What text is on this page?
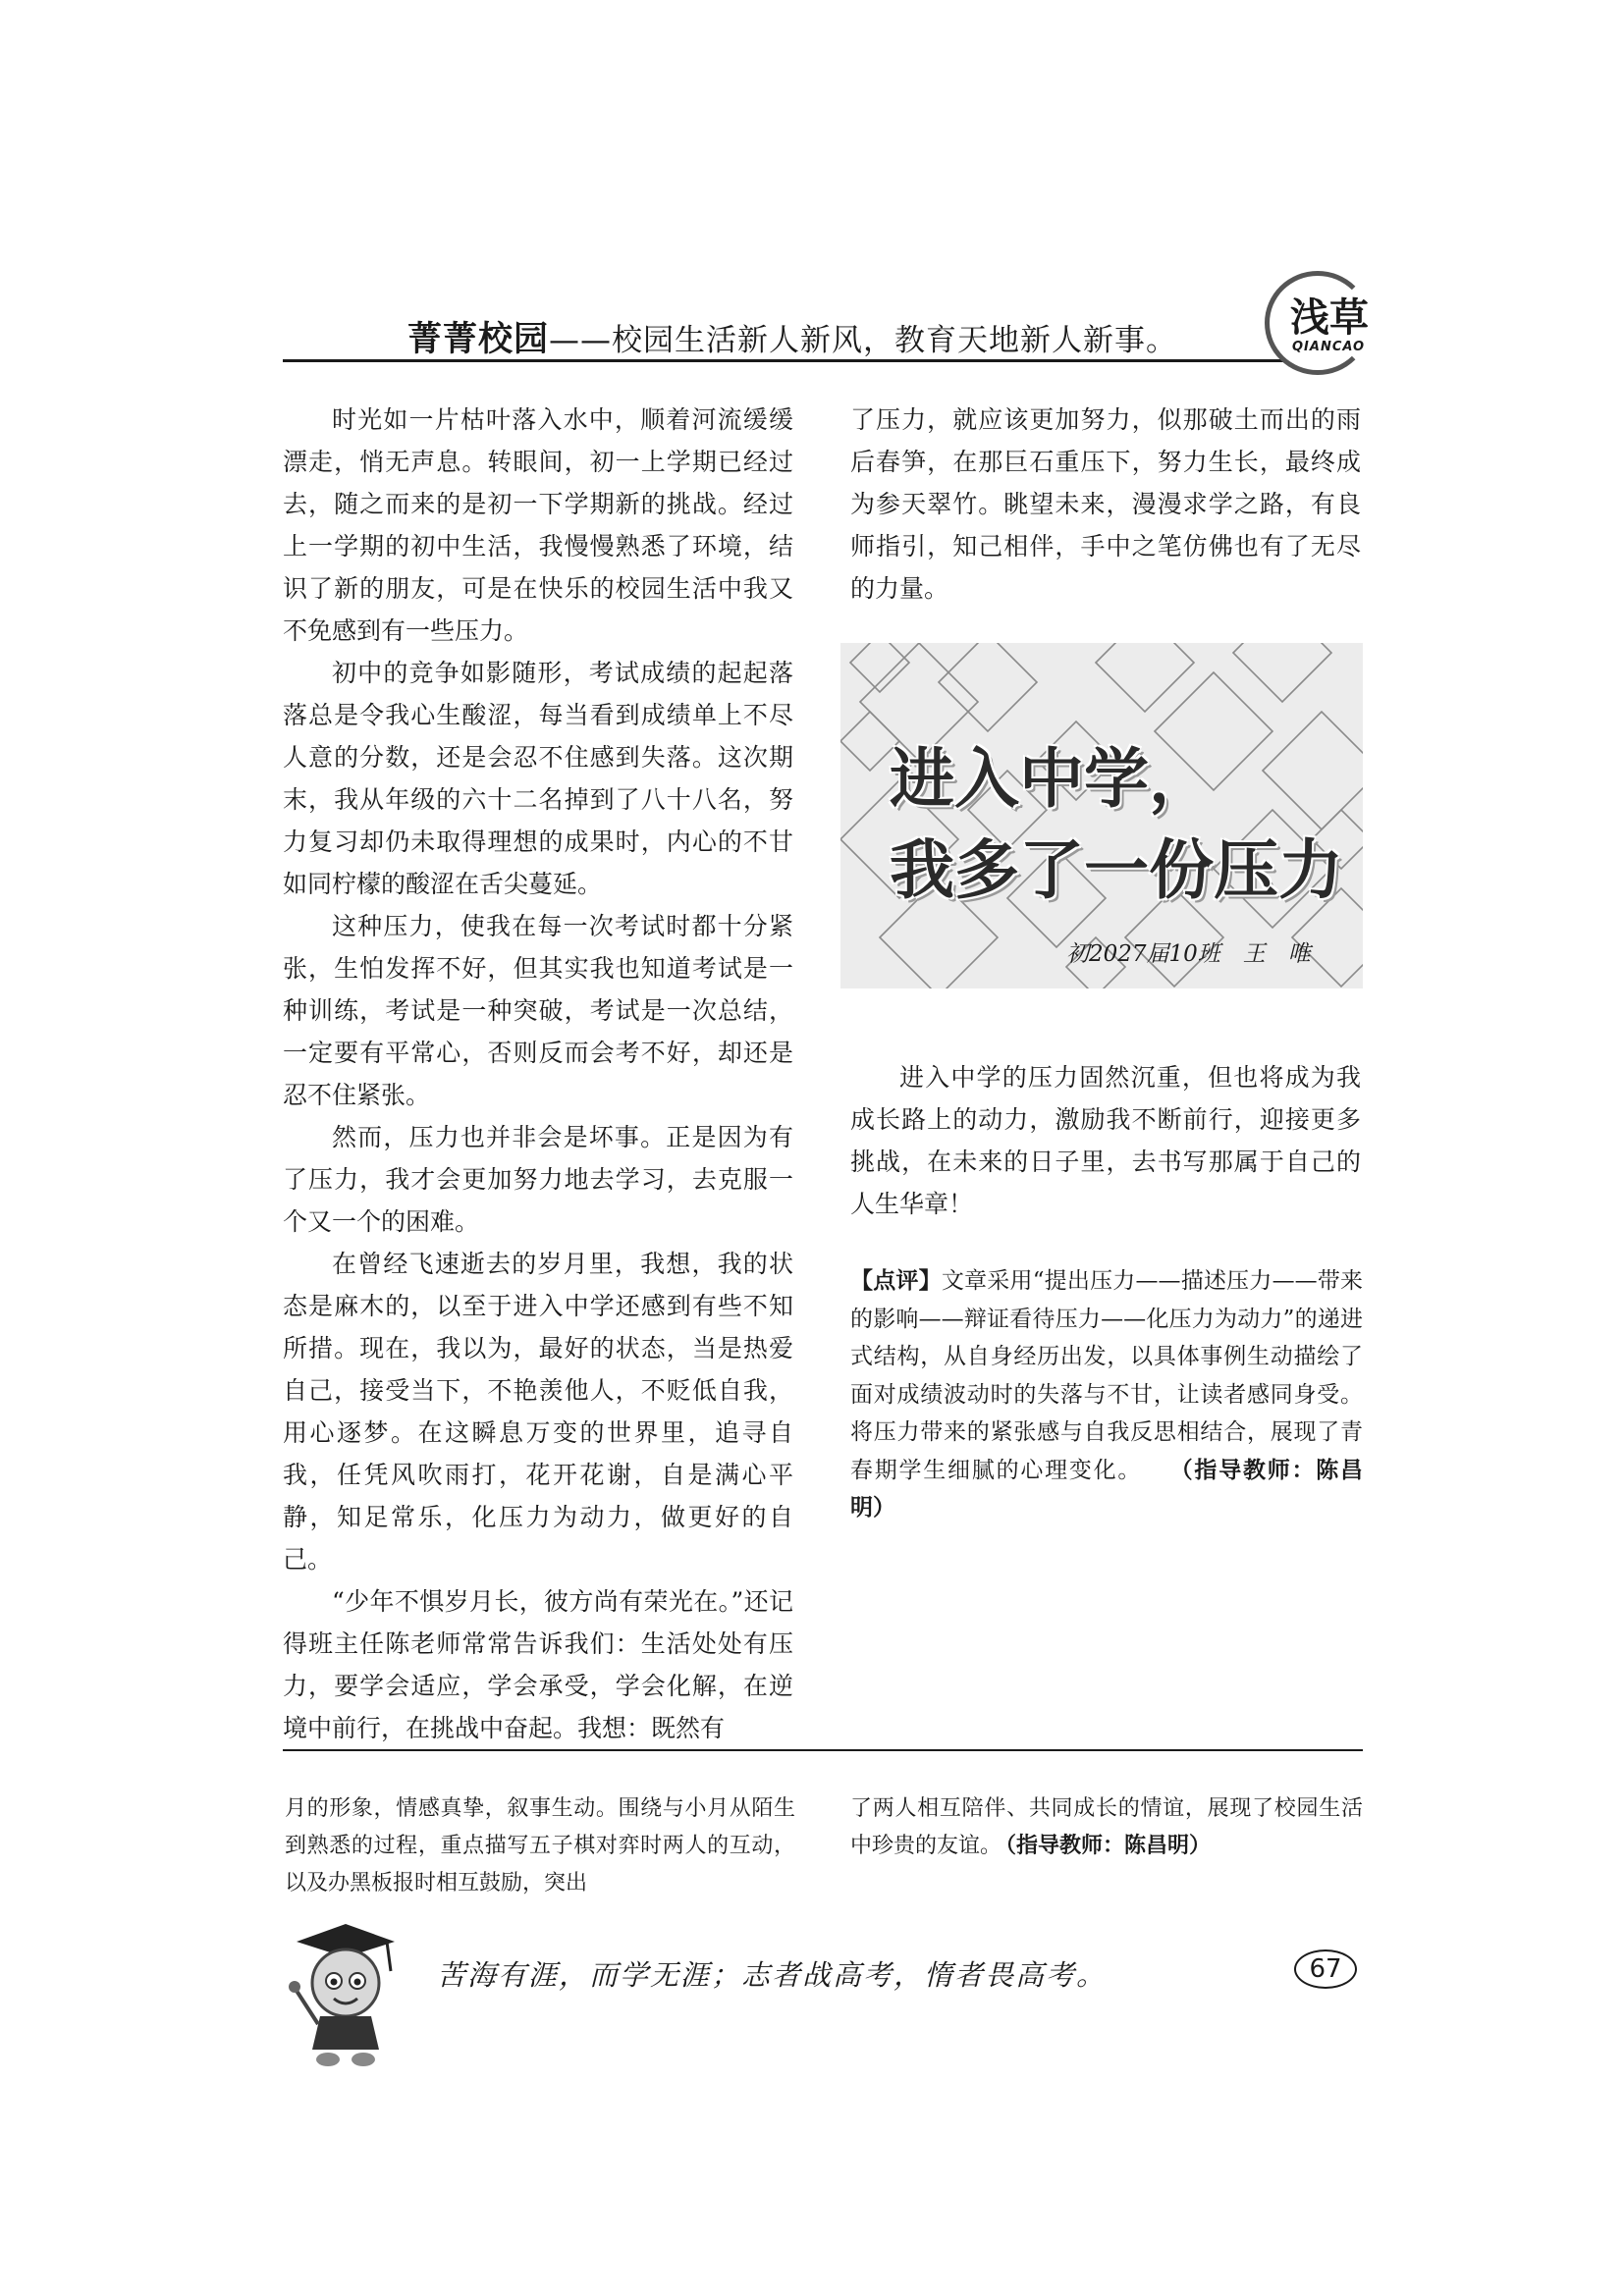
菁菁校园——校园生活新人新风，教育天地新人新事。	浅草
QIANCAO

时光如一片枯叶落入水中，顺着河流缓缓漂走，悄无声息。转眼间，初一上学期已经过去，随之而来的是初一下学期新的挑战。经过上一学期的初中生活，我慢慢熟悉了环境，结识了新的朋友，可是在快乐的校园生活中我又不免感到有一些压力。

初中的竞争如影随形，考试成绩的起起落落总是令我心生酸涩，每当看到成绩单上不尽人意的分数，还是会忍不住感到失落。这次期末，我从年级的六十二名掉到了八十八名，努力复习却仍未取得理想的成果时，内心的不甘如同柠檬的酸涩在舌尖蔓延。

这种压力，使我在每一次考试时都十分紧张，生怕发挥不好，但其实我也知道考试是一种训练，考试是一种突破，考试是一次总结，一定要有平常心，否则反而会考不好，却还是忍不住紧张。

然而，压力也并非会是坏事。正是因为有了压力，我才会更加努力地去学习，去克服一个又一个的困难。

在曾经飞速逝去的岁月里，我想，我的状态是麻木的，以至于进入中学还感到有些不知所措。现在，我以为，最好的状态，当是热爱自己，接受当下，不艳羡他人，不贬低自我，用心逐梦。在这瞬息万变的世界里，追寻自我，任凭风吹雨打，花开花谢，自是满心平静，知足常乐，化压力为动力，做更好的自己。

“少年不惧岁月长，彼方尚有荣光在。”还记得班主任陈老师常常告诉我们：生活处处有压力，要学会适应，学会承受，学会化解，在逆境中前行，在挑战中奋起。我想：既然有

了压力，就应该更加努力，似那破土而出的雨后春笋，在那巨石重压下，努力生长，最终成为参天翠竹。眺望未来，漫漫求学之路，有良师指引，知己相伴，手中之笔仿佛也有了无尽的力量。

进入中学，
我多了一份压力
初2027届10班　王　唯

进入中学的压力固然沉重，但也将成为我成长路上的动力，激励我不断前行，迎接更多挑战，在未来的日子里，去书写那属于自己的人生华章！

【点评】文章采用“提出压力——描述压力——带来的影响——辩证看待压力——化压力为动力”的递进式结构，从自身经历出发，以具体事例生动描绘了面对成绩波动时的失落与不甘，让读者感同身受。将压力带来的紧张感与自我反思相结合，展现了青春期学生细腻的心理变化。 （指导教师：陈昌明）
月的形象，情感真挚，叙事生动。围绕与小月从陌生到熟悉的过程，重点描写五子棋对弈时两人的互动，以及办黑板报时相互鼓励，突出
了两人相互陪伴、共同成长的情谊，展现了校园生活中珍贵的友谊。 （指导教师：陈昌明）
苦海有涯，而学无涯；志者战高考，惰者畏高考。	67
